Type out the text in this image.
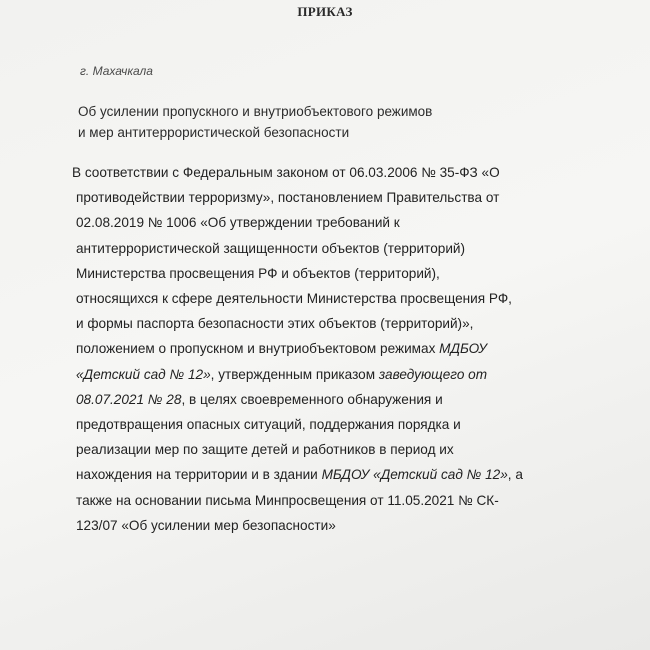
ПРИКАЗ
г. Махачкала
Об усилении пропускного и внутриобъектового режимов
и мер антитеррористической безопасности
В соответствии с Федеральным законом от 06.03.2006 № 35-ФЗ «О
противодействии терроризму», постановлением Правительства от
02.08.2019 № 1006 «Об утверждении требований к
антитеррористической защищенности объектов (территорий)
Министерства просвещения РФ и объектов (территорий),
относящихся к сфере деятельности Министерства просвещения РФ,
и формы паспорта безопасности этих объектов (территорий)»,
положением о пропускном и внутриобъектовом режимах МДБОУ
«Детский сад № 12», утвержденным приказом заведующего от
08.07.2021 № 28, в целях своевременного обнаружения и
предотвращения опасных ситуаций, поддержания порядка и
реализации мер по защите детей и работников в период их
нахождения на территории и в здании МБДОУ «Детский сад № 12», а
также на основании письма Минпросвещения от 11.05.2021 № СК-
123/07 «Об усилении мер безопасности»
